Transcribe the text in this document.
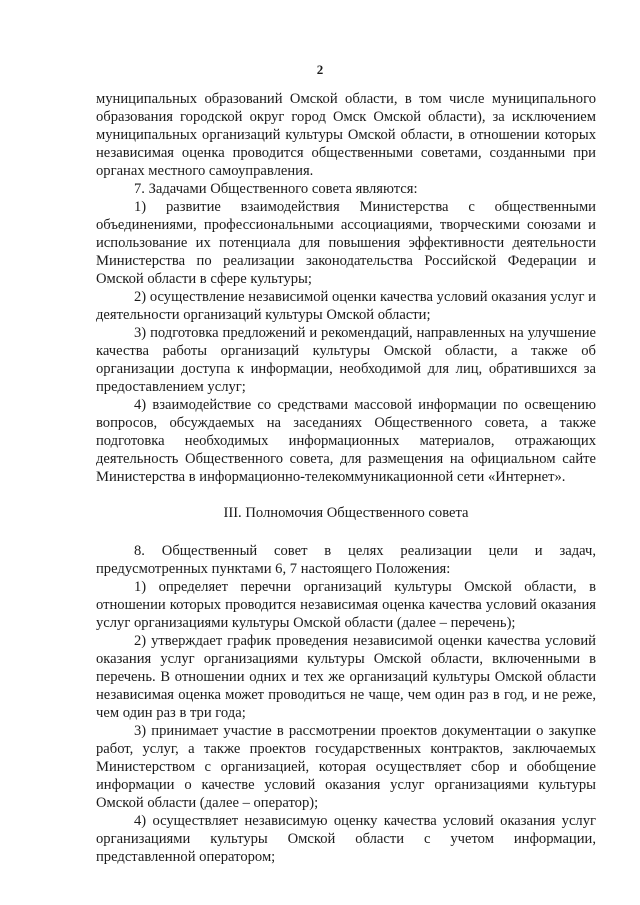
2

муниципальных образований Омской области, в том числе муниципального образования городской округ город Омск Омской области), за исключением муниципальных организаций культуры Омской области, в отношении которых независимая оценка проводится общественными советами, созданными при органах местного самоуправления.

7. Задачами Общественного совета являются:

1) развитие взаимодействия Министерства с общественными объединениями, профессиональными ассоциациями, творческими союзами и использование их потенциала для повышения эффективности деятельности Министерства по реализации законодательства Российской Федерации и Омской области в сфере культуры;

2) осуществление независимой оценки качества условий оказания услуг и деятельности организаций культуры Омской области;

3) подготовка предложений и рекомендаций, направленных на улучшение качества работы организаций культуры Омской области, а также об организации доступа к информации, необходимой для лиц, обратившихся за предоставлением услуг;

4) взаимодействие со средствами массовой информации по освещению вопросов, обсуждаемых на заседаниях Общественного совета, а также подготовка необходимых информационных материалов, отражающих деятельность Общественного совета, для размещения на официальном сайте Министерства в информационно-телекоммуникационной сети «Интернет».

III. Полномочия Общественного совета

8. Общественный совет в целях реализации цели и задач, предусмотренных пунктами 6, 7 настоящего Положения:

1) определяет перечни организаций культуры Омской области, в отношении которых проводится независимая оценка качества условий оказания услуг организациями культуры Омской области (далее – перечень);

2) утверждает график проведения независимой оценки качества условий оказания услуг организациями культуры Омской области, включенными в перечень. В отношении одних и тех же организаций культуры Омской области независимая оценка может проводиться не чаще, чем один раз в год, и не реже, чем один раз в три года;

3) принимает участие в рассмотрении проектов документации о закупке работ, услуг, а также проектов государственных контрактов, заключаемых Министерством с организацией, которая осуществляет сбор и обобщение информации о качестве условий оказания услуг организациями культуры Омской области (далее – оператор);

4) осуществляет независимую оценку качества условий оказания услуг организациями культуры Омской области с учетом информации, представленной оператором;
